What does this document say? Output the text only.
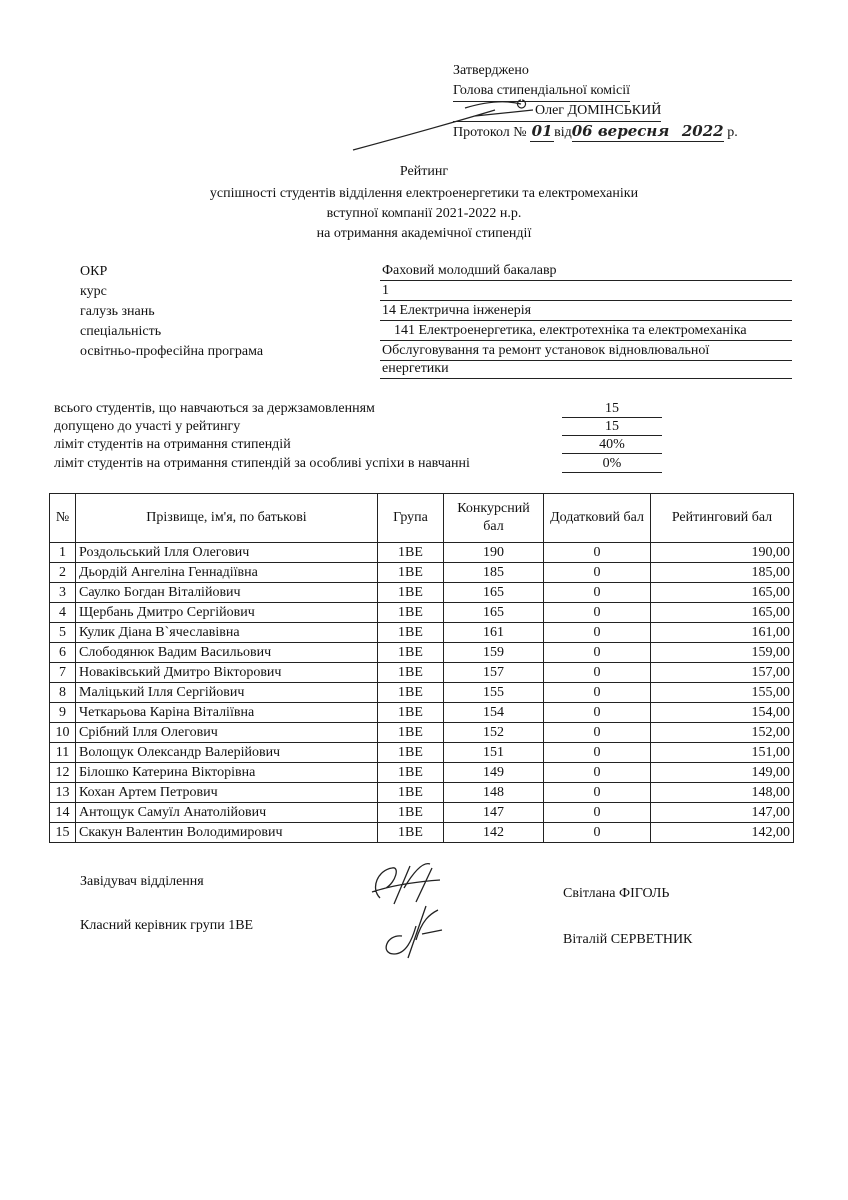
Затверджено
Голова стипендіальної комісії
Олег ДОМІНСЬКИЙ
Протокол № 01 від06 вересня 2022 р.
Рейтинг
успішності студентів відділення електроенергетики та електромеханіки
вступної компанії 2021-2022 н.р.
на отримання академічної стипендії
ОКР	Фаховий молодший бакалавр
курс	1
галузь знань	14 Електрична інженерія
спеціальність	141 Електроенергетика, електротехніка та електромеханіка
освітньо-професійна програма	Обслуговування та ремонт установок відновлювальної
енергетики
всього студентів, що навчаються за держзамовленням	15
допущено до участі у рейтингу	15
ліміт студентів на отримання стипендій	40%
ліміт студентів на отримання стипендій за особливі успіхи в навчанні	0%
№	Прізвище, ім'я, по батькові	Група	Конкурсний бал	Додатковий бал	Рейтинговий бал
1	Роздольський Ілля Олегович	1ВЕ	190	0	190,00
2	Дьордій Ангеліна Геннадіївна	1ВЕ	185	0	185,00
3	Саулко Богдан Віталійович	1ВЕ	165	0	165,00
4	Щербань Дмитро Сергійович	1ВЕ	165	0	165,00
5	Кулик Діана В`ячеславівна	1ВЕ	161	0	161,00
6	Слободянюк Вадим Васильович	1ВЕ	159	0	159,00
7	Новаківський Дмитро Вікторович	1ВЕ	157	0	157,00
8	Маліцький Ілля Сергійович	1ВЕ	155	0	155,00
9	Четкарьова Каріна Віталіївна	1ВЕ	154	0	154,00
10	Срібний Ілля Олегович	1ВЕ	152	0	152,00
11	Волощук Олександр Валерійович	1ВЕ	151	0	151,00
12	Білошко Катерина Вікторівна	1ВЕ	149	0	149,00
13	Кохан Артем Петрович	1ВЕ	148	0	148,00
14	Антощук Самуїл Анатолійович	1ВЕ	147	0	147,00
15	Скакун Валентин Володимирович	1ВЕ	142	0	142,00
Завідувач відділення
Світлана ФІГОЛЬ
Класний керівник групи 1ВЕ
Віталій СЕРВЕТНИК
